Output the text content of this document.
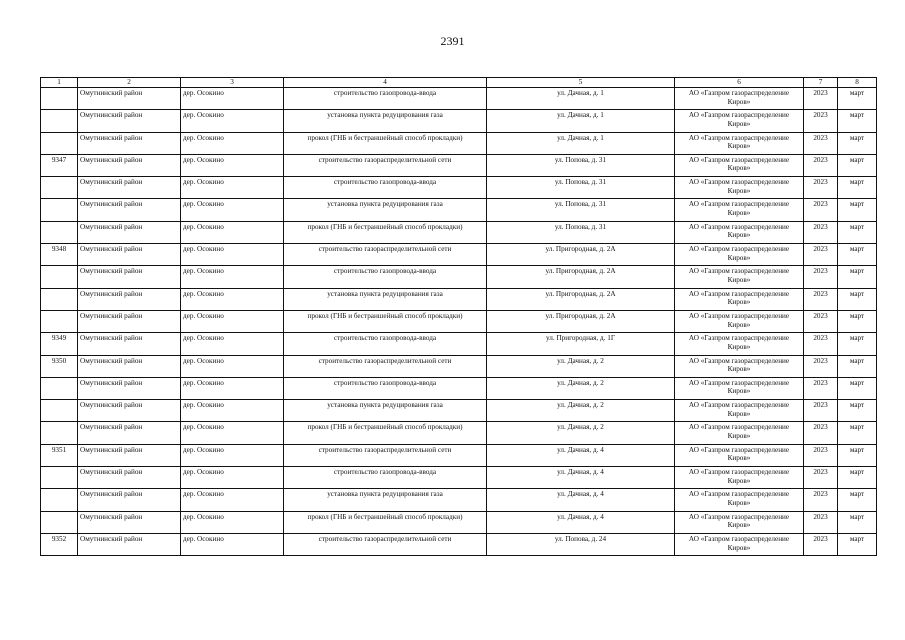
2391
1	2	3	4	5	6	7	8
	Омутнинский район	дер. Осокино	строительство газопровода-ввода	ул. Дачная, д. 1	АО «Газпром газораспределение Киров»	2023	март
	Омутнинский район	дер. Осокино	установка пункта редуцирования газа	ул. Дачная, д. 1	АО «Газпром газораспределение Киров»	2023	март
	Омутнинский район	дер. Осокино	прокол (ГНБ и бестраншейный способ прокладки)	ул. Дачная, д. 1	АО «Газпром газораспределение Киров»	2023	март
9347	Омутнинский район	дер. Осокино	строительство газораспределительной сети	ул. Попова, д. 31	АО «Газпром газораспределение Киров»	2023	март
	Омутнинский район	дер. Осокино	строительство газопровода-ввода	ул. Попова, д. 31	АО «Газпром газораспределение Киров»	2023	март
	Омутнинский район	дер. Осокино	установка пункта редуцирования газа	ул. Попова, д. 31	АО «Газпром газораспределение Киров»	2023	март
	Омутнинский район	дер. Осокино	прокол (ГНБ и бестраншейный способ прокладки)	ул. Попова, д. 31	АО «Газпром газораспределение Киров»	2023	март
9348	Омутнинский район	дер. Осокино	строительство газораспределительной сети	ул. Пригородная, д. 2А	АО «Газпром газораспределение Киров»	2023	март
	Омутнинский район	дер. Осокино	строительство газопровода-ввода	ул. Пригородная, д. 2А	АО «Газпром газораспределение Киров»	2023	март
	Омутнинский район	дер. Осокино	установка пункта редуцирования газа	ул. Пригородная, д. 2А	АО «Газпром газораспределение Киров»	2023	март
	Омутнинский район	дер. Осокино	прокол (ГНБ и бестраншейный способ прокладки)	ул. Пригородная, д. 2А	АО «Газпром газораспределение Киров»	2023	март
9349	Омутнинский район	дер. Осокино	строительство газопровода-ввода	ул. Пригородная, д. 1Г	АО «Газпром газораспределение Киров»	2023	март
9350	Омутнинский район	дер. Осокино	строительство газораспределительной сети	ул. Дачная, д. 2	АО «Газпром газораспределение Киров»	2023	март
	Омутнинский район	дер. Осокино	строительство газопровода-ввода	ул. Дачная, д. 2	АО «Газпром газораспределение Киров»	2023	март
	Омутнинский район	дер. Осокино	установка пункта редуцирования газа	ул. Дачная, д. 2	АО «Газпром газораспределение Киров»	2023	март
	Омутнинский район	дер. Осокино	прокол (ГНБ и бестраншейный способ прокладки)	ул. Дачная, д. 2	АО «Газпром газораспределение Киров»	2023	март
9351	Омутнинский район	дер. Осокино	строительство газораспределительной сети	ул. Дачная, д. 4	АО «Газпром газораспределение Киров»	2023	март
	Омутнинский район	дер. Осокино	строительство газопровода-ввода	ул. Дачная, д. 4	АО «Газпром газораспределение Киров»	2023	март
	Омутнинский район	дер. Осокино	установка пункта редуцирования газа	ул. Дачная, д. 4	АО «Газпром газораспределение Киров»	2023	март
	Омутнинский район	дер. Осокино	прокол (ГНБ и бестраншейный способ прокладки)	ул. Дачная, д. 4	АО «Газпром газораспределение Киров»	2023	март
9352	Омутнинский район	дер. Осокино	строительство газораспределительной сети	ул. Попова, д. 24	АО «Газпром газораспределение Киров»	2023	март
